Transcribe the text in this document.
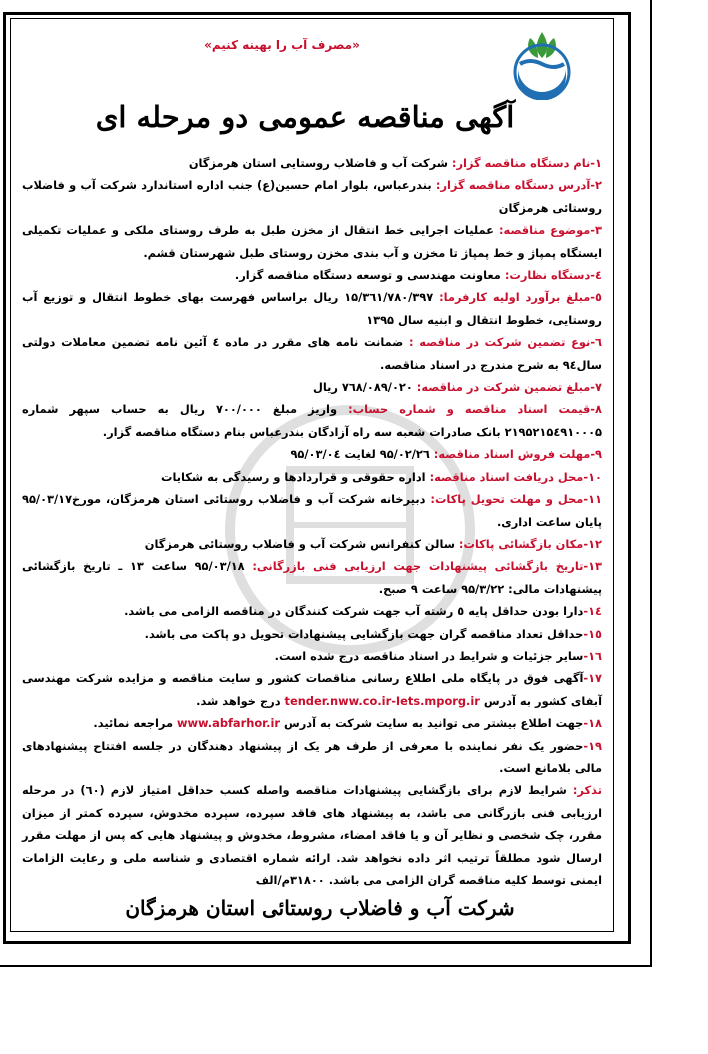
«مصرف آب را بهینه کنیم»
آگهی مناقصه عمومی دو مرحله ای

۱-نام دستگاه مناقصه گزار: شرکت آب و فاضلاب روستایی استان هرمزگان

۲-آدرس دستگاه مناقصه گزار: بندرعباس، بلوار امام حسین(ع) جنب اداره استاندارد شرکت آب و فاضلاب روستائی هرمزگان

۳-موضوع مناقصه: عملیات اجرایی خط انتقال از مخزن طبل به طرف روستای ملکی و عملیات تکمیلی ایستگاه پمپاژ و خط پمپاژ تا مخزن و آب بندی مخزن روستای طبل شهرستان قشم.

٤-دستگاه نظارت: معاونت مهندسی و توسعه دستگاه مناقصه گزار.

٥-مبلغ برآورد اولیه کارفرما: ۱۵/۳٦۱/۷۸۰/۳۹۷ ریال براساس فهرست بهای خطوط انتقال و توزیع آب روستایی، خطوط انتقال و ابنیه سال ۱۳۹۵

٦-نوع تضمین شرکت در مناقصه : ضمانت نامه های مقرر در ماده ٤ آئین نامه تضمین معاملات دولتی سال۹٤ به شرح مندرج در اسناد مناقصه.

۷-مبلغ تضمین شرکت در مناقصه: ۷٦۸/۰۸۹/۰۲۰ ریال

۸-قیمت اسناد مناقصه و شماره حساب: واریز مبلغ ۷۰۰/۰۰۰ ریال به حساب سپهر شماره ۲۱۹۵۲۱۵٤۹۱۰۰۰۵ بانک صادرات شعبه سه راه آزادگان بندرعباس بنام دستگاه مناقصه گزار.

۹-مهلت فروش اسناد مناقصه: ۹۵/۰۲/۲٦ لغایت ۹۵/۰۳/۰٤

۱۰-محل دریافت اسناد مناقصه: اداره حقوقی و قراردادها و رسیدگی به شکایات

۱۱-محل و مهلت تحویل پاکات: دبیرخانه شرکت آب و فاضلاب روستائی استان هرمزگان، مورخ۹۵/۰۳/۱۷ پایان ساعت اداری.

۱۲-مکان بازگشائی پاکات: سالن کنفرانس شرکت آب و فاضلاب روستائی هرمزگان

۱۳-تاریخ بازگشائی پیشنهادات جهت ارزیابی فنی بازرگانی: ۹۵/۰۳/۱۸ ساعت ۱۳ ـ تاریخ بازگشائی پیشنهادات مالی: ۹۵/۳/۲۲ ساعت ۹ صبح.

۱٤-دارا بودن حداقل پایه ٥ رشته آب جهت شرکت کنندگان در مناقصه الزامی می باشد.

۱٥-حداقل تعداد مناقصه گران جهت بازگشایی پیشنهادات تحویل دو پاکت می باشد.

۱٦-سایر جزئیات و شرایط در اسناد مناقصه درج شده است.

۱۷-آگهی فوق در پایگاه ملی اطلاع رسانی مناقصات کشور و سایت مناقصه و مزایده شرکت مهندسی آبفای کشور به آدرس tender.nww.co.ir-Iets.mporg.ir درج خواهد شد.

۱۸-جهت اطلاع بیشتر می توانید به سایت شرکت به آدرس www.abfarhor.ir مراجعه نمائید.

۱۹-حضور یک نفر نماینده با معرفی از طرف هر یک از پیشنهاد دهندگان در جلسه افتتاح پیشنهادهای مالی بلامانع است.

تذکر: شرایط لازم برای بازگشایی پیشنهادات مناقصه واصله کسب حداقل امتیاز لازم (٦۰) در مرحله ارزیابی فنی بازرگانی می باشد، به پیشنهاد های فاقد سپرده، سپرده مخدوش، سپرده کمتر از میزان مقرر، چک شخصی و نظایر آن و یا فاقد امضاء، مشروط، مخدوش و پیشنهاد هایی که پس از مهلت مقرر ارسال شود مطلقاً ترتیب اثر داده نخواهد شد. ارائه شماره اقتصادی و شناسه ملی و رعایت الزامات ایمنی توسط کلیه مناقصه گران الزامی می باشد. ۳۱۸۰۰م/الف

شرکت آب و فاضلاب روستائی استان هرمزگان
